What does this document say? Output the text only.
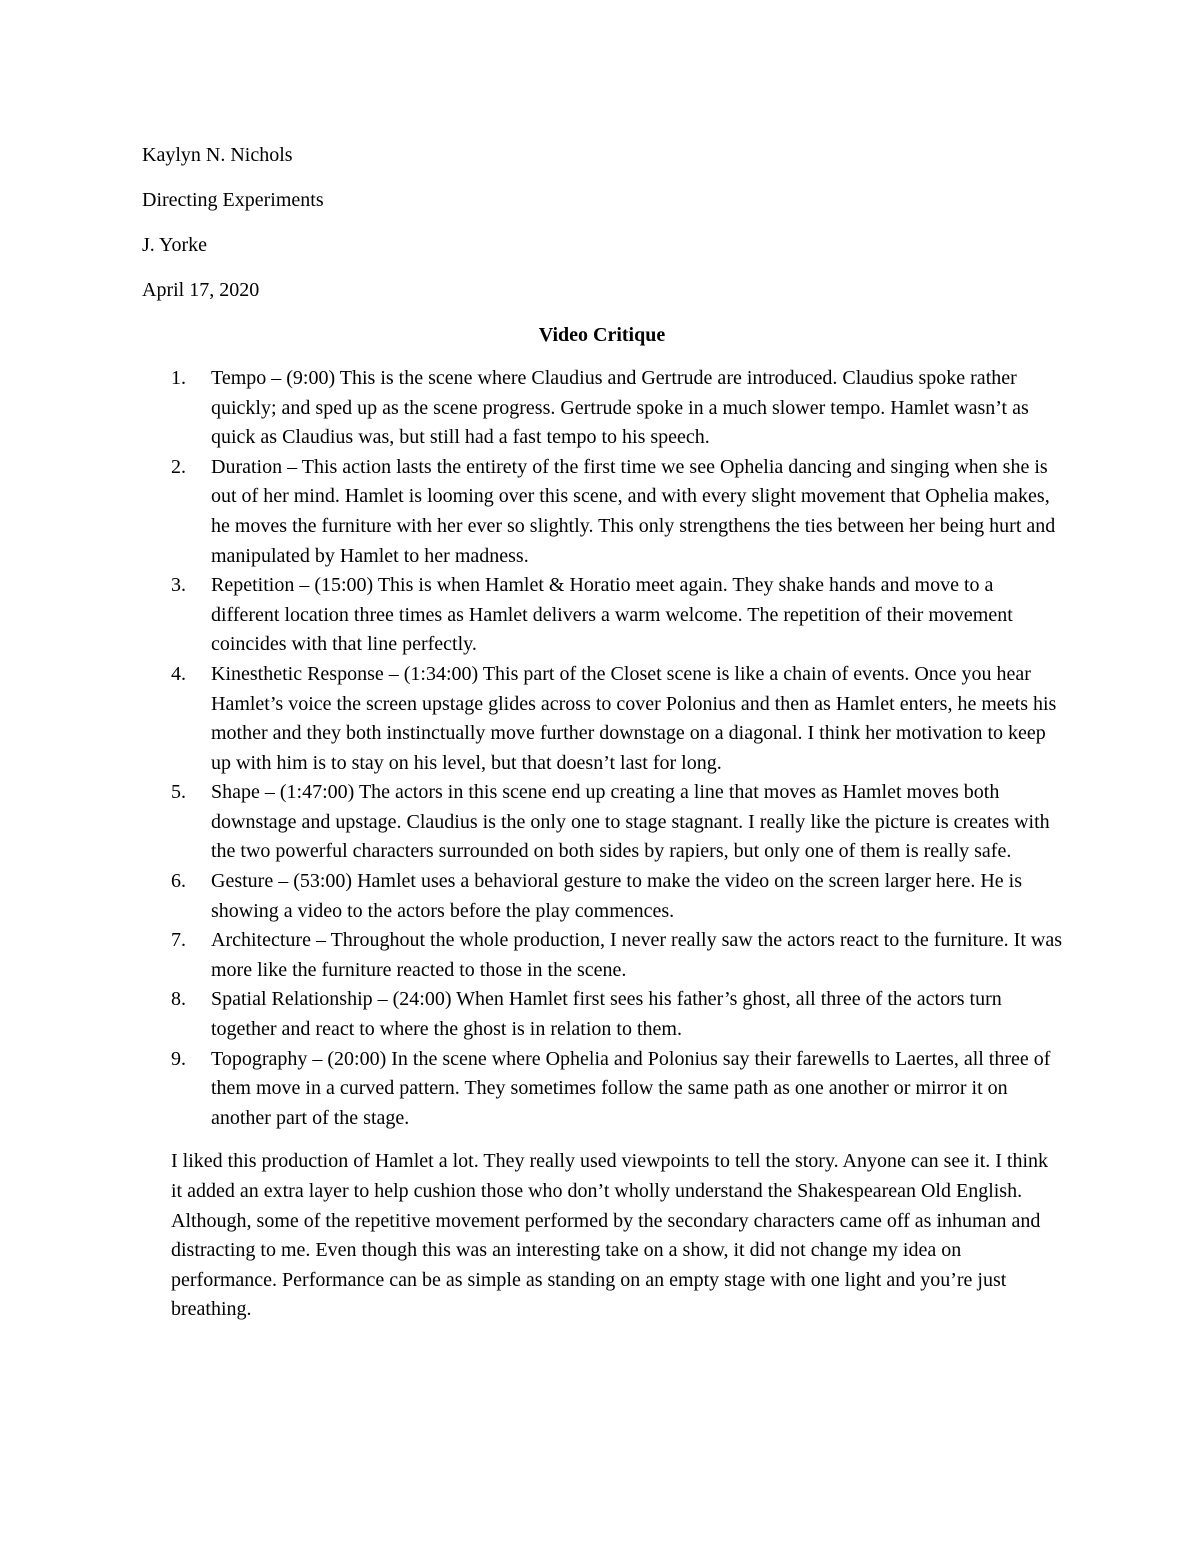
Kaylyn N. Nichols
Directing Experiments
J. Yorke
April 17, 2020
Video Critique
1. Tempo – (9:00) This is the scene where Claudius and Gertrude are introduced. Claudius spoke rather quickly; and sped up as the scene progress. Gertrude spoke in a much slower tempo. Hamlet wasn’t as quick as Claudius was, but still had a fast tempo to his speech.
2. Duration – This action lasts the entirety of the first time we see Ophelia dancing and singing when she is out of her mind. Hamlet is looming over this scene, and with every slight movement that Ophelia makes, he moves the furniture with her ever so slightly. This only strengthens the ties between her being hurt and manipulated by Hamlet to her madness.
3. Repetition – (15:00) This is when Hamlet & Horatio meet again. They shake hands and move to a different location three times as Hamlet delivers a warm welcome. The repetition of their movement coincides with that line perfectly.
4. Kinesthetic Response – (1:34:00) This part of the Closet scene is like a chain of events. Once you hear Hamlet’s voice the screen upstage glides across to cover Polonius and then as Hamlet enters, he meets his mother and they both instinctually move further downstage on a diagonal. I think her motivation to keep up with him is to stay on his level, but that doesn’t last for long.
5. Shape – (1:47:00) The actors in this scene end up creating a line that moves as Hamlet moves both downstage and upstage. Claudius is the only one to stage stagnant. I really like the picture is creates with the two powerful characters surrounded on both sides by rapiers, but only one of them is really safe.
6. Gesture – (53:00) Hamlet uses a behavioral gesture to make the video on the screen larger here. He is showing a video to the actors before the play commences.
7. Architecture – Throughout the whole production, I never really saw the actors react to the furniture. It was more like the furniture reacted to those in the scene.
8. Spatial Relationship – (24:00) When Hamlet first sees his father’s ghost, all three of the actors turn together and react to where the ghost is in relation to them.
9. Topography – (20:00) In the scene where Ophelia and Polonius say their farewells to Laertes, all three of them move in a curved pattern. They sometimes follow the same path as one another or mirror it on another part of the stage.

I liked this production of Hamlet a lot. They really used viewpoints to tell the story. Anyone can see it. I think it added an extra layer to help cushion those who don’t wholly understand the Shakespearean Old English. Although, some of the repetitive movement performed by the secondary characters came off as inhuman and distracting to me. Even though this was an interesting take on a show, it did not change my idea on performance. Performance can be as simple as standing on an empty stage with one light and you’re just breathing.
